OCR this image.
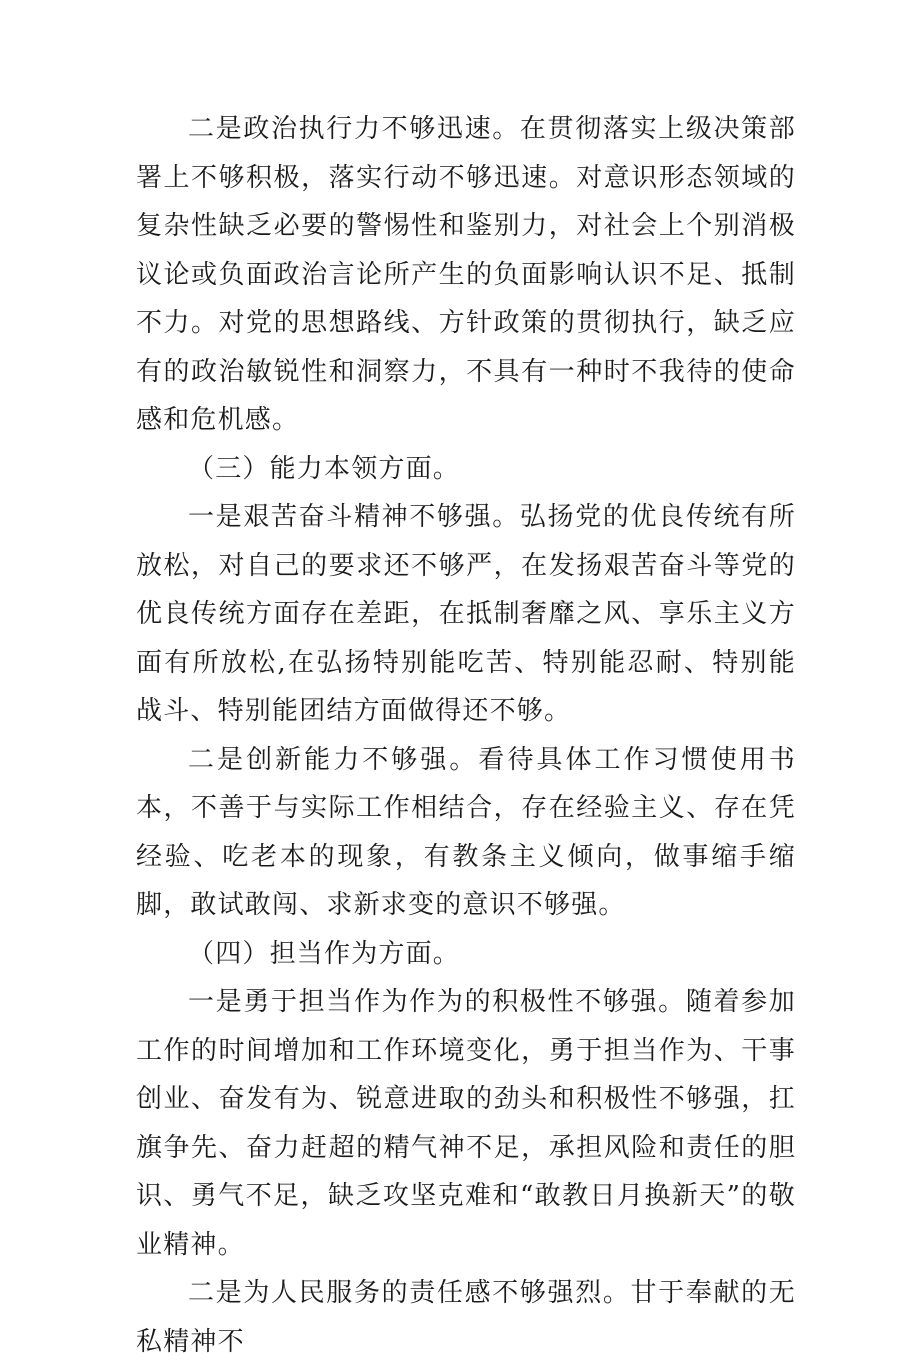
二是政治执行力不够迅速。在贯彻落实上级决策部署上不够积极，落实行动不够迅速。对意识形态领域的复杂性缺乏必要的警惕性和鉴别力，对社会上个别消极议论或负面政治言论所产生的负面影响认识不足、抵制不力。对党的思想路线、方针政策的贯彻执行，缺乏应有的政治敏锐性和洞察力，不具有一种时不我待的使命感和危机感。

（三）能力本领方面。

一是艰苦奋斗精神不够强。弘扬党的优良传统有所放松，对自己的要求还不够严，在发扬艰苦奋斗等党的优良传统方面存在差距，在抵制奢靡之风、享乐主义方面有所放松,在弘扬特别能吃苦、特别能忍耐、特别能战斗、特别能团结方面做得还不够。

二是创新能力不够强。看待具体工作习惯使用书本，不善于与实际工作相结合，存在经验主义、存在凭经验、吃老本的现象，有教条主义倾向，做事缩手缩脚，敢试敢闯、求新求变的意识不够强。

（四）担当作为方面。

一是勇于担当作为作为的积极性不够强。随着参加工作的时间增加和工作环境变化，勇于担当作为、干事创业、奋发有为、锐意进取的劲头和积极性不够强，扛旗争先、奋力赶超的精气神不足，承担风险和责任的胆识、勇气不足，缺乏攻坚克难和“敢教日月换新天”的敬业精神。

二是为人民服务的责任感不够强烈。甘于奉献的无私精神不
